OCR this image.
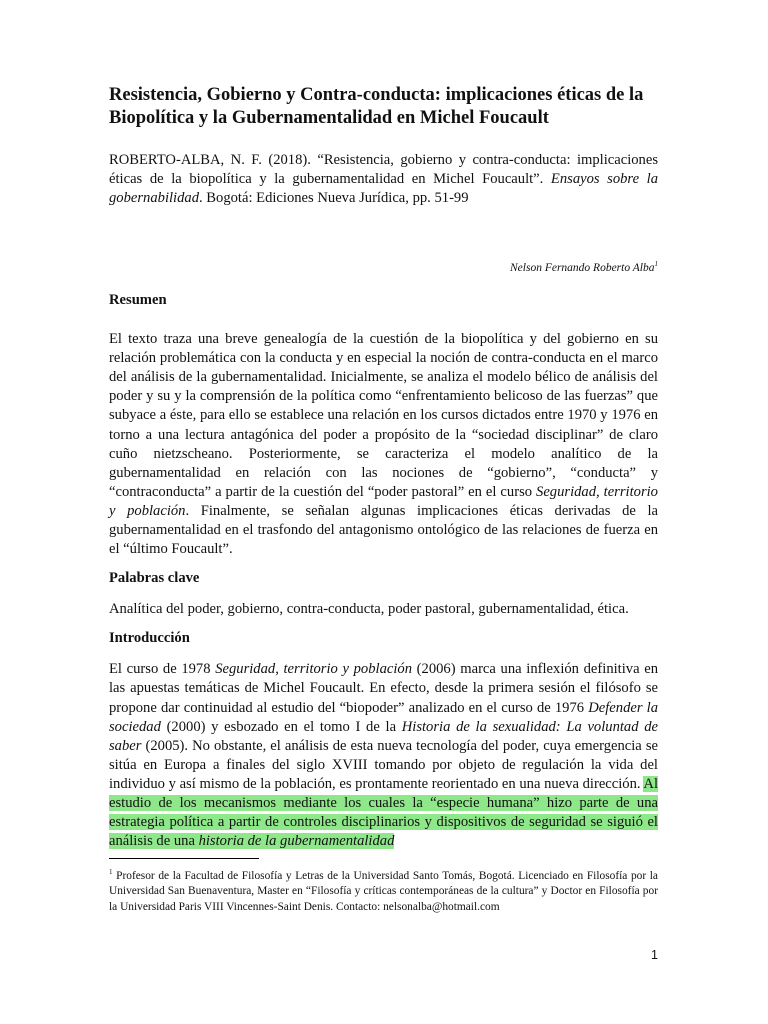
Resistencia, Gobierno y Contra-conducta: implicaciones éticas de la Biopolítica y la Gubernamentalidad en Michel Foucault

ROBERTO-ALBA, N. F. (2018). “Resistencia, gobierno y contra-conducta: implicaciones éticas de la biopolítica y la gubernamentalidad en Michel Foucault”. Ensayos sobre la gobernabilidad. Bogotá: Ediciones Nueva Jurídica, pp. 51-99

Nelson Fernando Roberto Alba$^1$

Resumen

El texto traza una breve genealogía de la cuestión de la biopolítica y del gobierno en su relación problemática con la conducta y en especial la noción de contra-conducta en el marco del análisis de la gubernamentalidad. Inicialmente, se analiza el modelo bélico de análisis del poder y su y la comprensión de la política como “enfrentamiento belicoso de las fuerzas” que subyace a éste, para ello se establece una relación en los cursos dictados entre 1970 y 1976 en torno a una lectura antagónica del poder a propósito de la “sociedad disciplinar” de claro cuño nietzscheano. Posteriormente, se caracteriza el modelo analítico de la gubernamentalidad en relación con las nociones de “gobierno”, “conducta” y “contraconducta” a partir de la cuestión del “poder pastoral” en el curso Seguridad, territorio y población. Finalmente, se señalan algunas implicaciones éticas derivadas de la gubernamentalidad en el trasfondo del antagonismo ontológico de las relaciones de fuerza en el “último Foucault”.

Palabras clave

Analítica del poder, gobierno, contra-conducta, poder pastoral, gubernamentalidad, ética.

Introducción

El curso de 1978 Seguridad, territorio y población (2006) marca una inflexión definitiva en las apuestas temáticas de Michel Foucault. En efecto, desde la primera sesión el filósofo se propone dar continuidad al estudio del “biopoder” analizado en el curso de 1976 Defender la sociedad (2000) y esbozado en el tomo I de la Historia de la sexualidad: La voluntad de saber (2005). No obstante, el análisis de esta nueva tecnología del poder, cuya emergencia se sitúa en Europa a finales del siglo XVIII tomando por objeto de regulación la vida del individuo y así mismo de la población, es prontamente reorientado en una nueva dirección. Al estudio de los mecanismos mediante los cuales la “especie humana” hizo parte de una estrategia política a partir de controles disciplinarios y dispositivos de seguridad se siguió el análisis de una historia de la gubernamentalidad

$^1$ Profesor de la Facultad de Filosofía y Letras de la Universidad Santo Tomás, Bogotá. Licenciado en Filosofía por la Universidad San Buenaventura, Master en “Filosofía y críticas contemporáneas de la cultura” y Doctor en Filosofía por la Universidad Paris VIII Vincennes-Saint Denis. Contacto: nelsonalba@hotmail.com

1
